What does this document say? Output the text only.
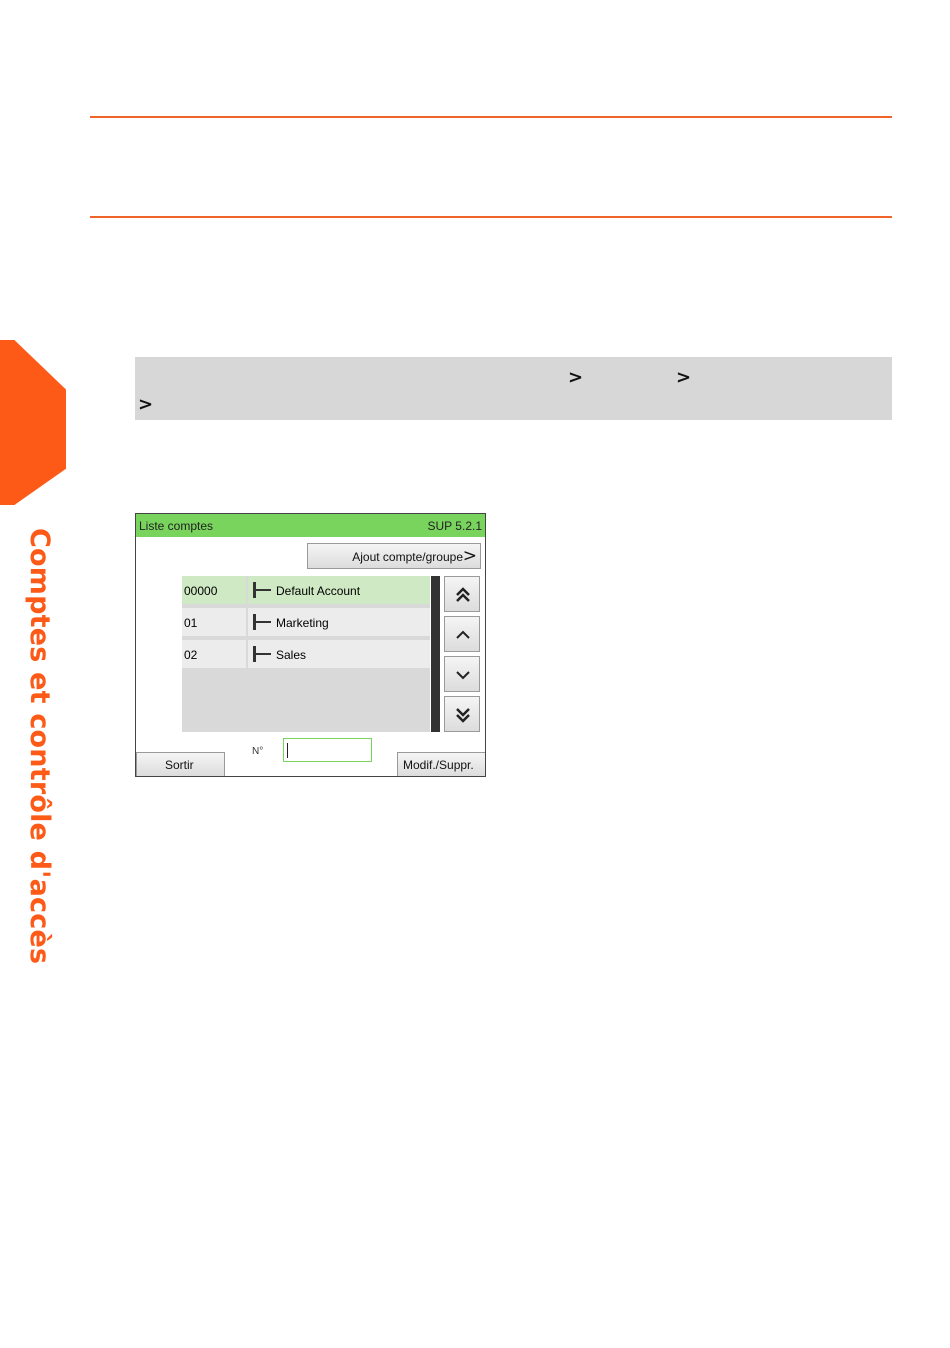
Comptes et contrôle d'accès
>	>
>
Liste comptes	SUP 5.2.1
Ajout compte/groupe >
00000	Default Account
01	Marketing
02	Sales
Sortir
N°
Modif./Suppr.
